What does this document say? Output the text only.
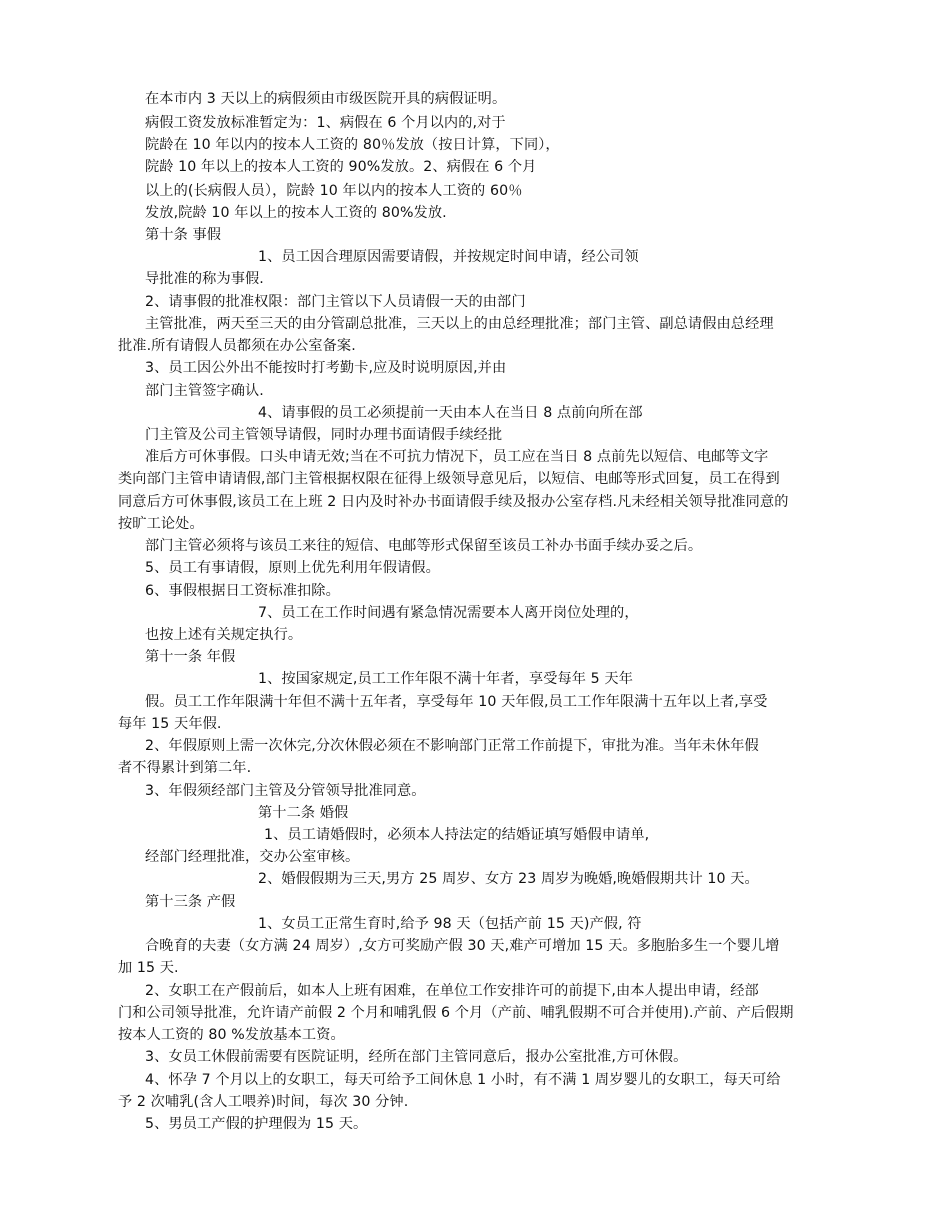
在本市内 3 天以上的病假须由市级医院开具的病假证明。
病假工资发放标准暂定为：1、病假在 6 个月以内的,对于
院龄在 10 年以内的按本人工资的 80％发放（按日计算，下同），
院龄 10 年以上的按本人工资的 90%发放。2、病假在 6 个月
以上的(长病假人员），院龄 10 年以内的按本人工资的 60％
发放,院龄 10 年以上的按本人工资的 80%发放.
第十条 事假
1、员工因合理原因需要请假，并按规定时间申请，经公司领
导批准的称为事假.
2、请事假的批准权限：部门主管以下人员请假一天的由部门
主管批准，两天至三天的由分管副总批准，三天以上的由总经理批准；部门主管、副总请假由总经理
批准.所有请假人员都须在办公室备案.
3、员工因公外出不能按时打考勤卡,应及时说明原因,并由
部门主管签字确认.
4、请事假的员工必须提前一天由本人在当日 8 点前向所在部
门主管及公司主管领导请假，同时办理书面请假手续经批
准后方可休事假。口头申请无效;当在不可抗力情况下，员工应在当日 8 点前先以短信、电邮等文字
类向部门主管申请请假,部门主管根据权限在征得上级领导意见后，以短信、电邮等形式回复，员工在得到
同意后方可休事假,该员工在上班 2 日内及时补办书面请假手续及报办公室存档.凡未经相关领导批准同意的
按旷工论处。
部门主管必须将与该员工来往的短信、电邮等形式保留至该员工补办书面手续办妥之后。
5、员工有事请假，原则上优先利用年假请假。
6、事假根据日工资标准扣除。
7、员工在工作时间遇有紧急情况需要本人离开岗位处理的，
也按上述有关规定执行。
第十一条 年假
1、按国家规定,员工工作年限不满十年者，享受每年 5 天年
假。员工工作年限满十年但不满十五年者，享受每年 10 天年假,员工工作年限满十五年以上者,享受
每年 15 天年假.
2、年假原则上需一次休完,分次休假必须在不影响部门正常工作前提下，审批为准。当年未休年假
者不得累计到第二年.
3、年假须经部门主管及分管领导批准同意。
第十二条 婚假
1、员工请婚假时，必须本人持法定的结婚证填写婚假申请单,
经部门经理批准，交办公室审核。
2、婚假假期为三天,男方 25 周岁、女方 23 周岁为晚婚,晚婚假期共计 10 天。
第十三条 产假
1、女员工正常生育时,给予 98 天（包括产前 15 天)产假, 符
合晚育的夫妻（女方满 24 周岁）,女方可奖励产假 30 天,难产可增加 15 天。多胞胎多生一个婴儿增
加 15 天.
2、女职工在产假前后，如本人上班有困难，在单位工作安排许可的前提下,由本人提出申请，经部
门和公司领导批准，允许请产前假 2 个月和哺乳假 6 个月（产前、哺乳假期不可合并使用).产前、产后假期
按本人工资的 80 %发放基本工资。
3、女员工休假前需要有医院证明，经所在部门主管同意后，报办公室批准,方可休假。
4、怀孕 7 个月以上的女职工，每天可给予工间休息 1 小时，有不满 1 周岁婴儿的女职工，每天可给
予 2 次哺乳(含人工喂养)时间，每次 30 分钟.
5、男员工产假的护理假为 15 天。
